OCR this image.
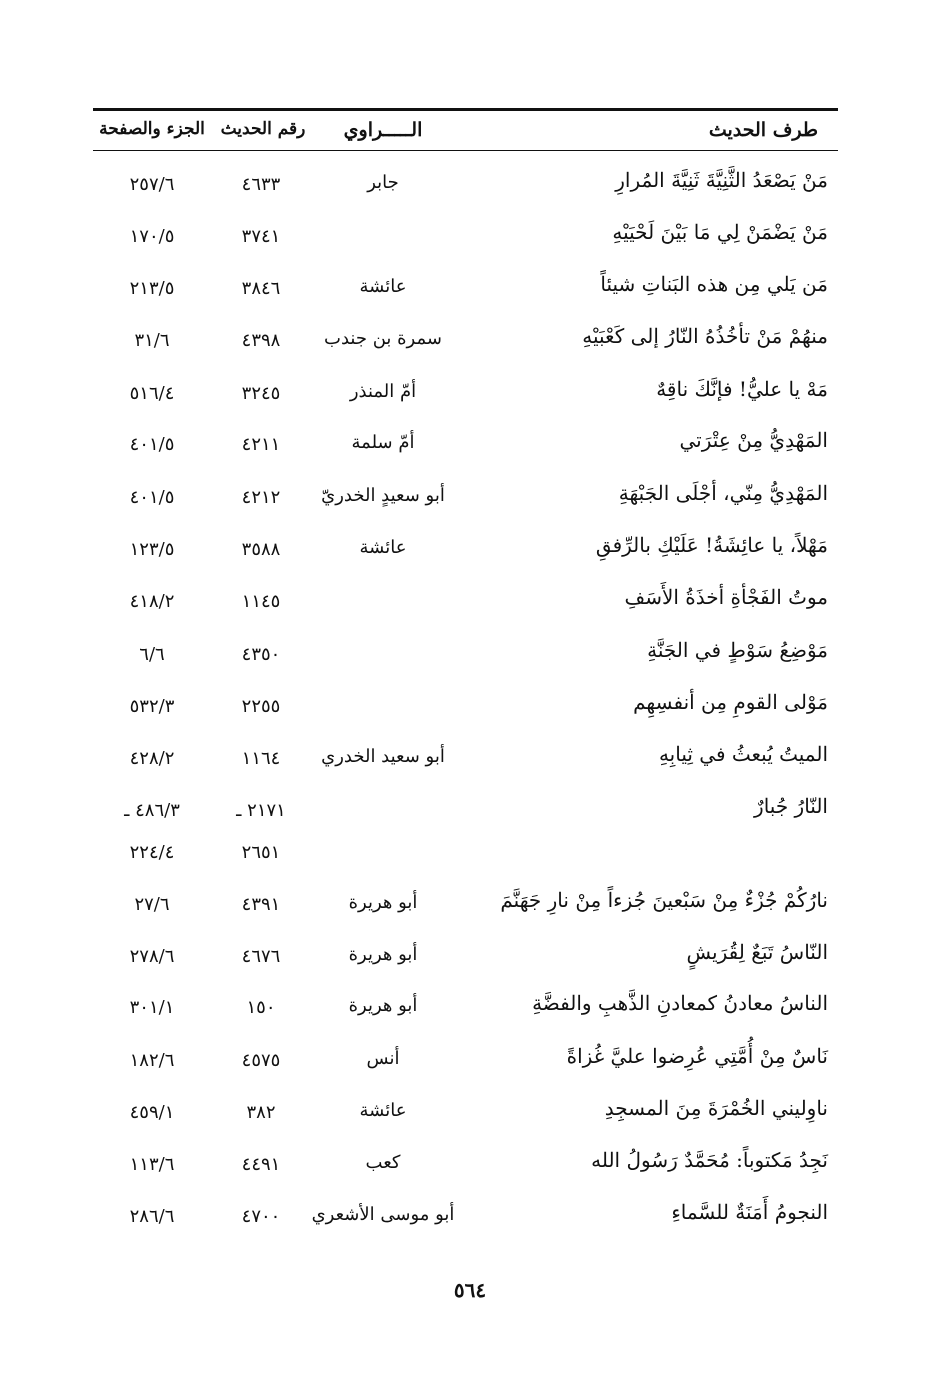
طرف الحديث
الـــــراوي
رقم الحديث
الجزء والصفحة
مَنْ يَصْعَدُ الثَّنِيَّةَ ثَنِيَّةَ المُرارِ
جابر
٤٦٣٣
٢٥٧/٦
مَنْ يَضْمَنْ لِي مَا بَيْنَ لَحْيَيْهِ
٣٧٤١
١٧٠/٥
مَن يَلي مِن هذه البَناتِ شيئاً
عائشة
٣٨٤٦
٢١٣/٥
منهُمْ مَنْ تأخُذُهُ النّارُ إلى كَعْبَيْهِ
سمرة بن جندب
٤٣٩٨
٣١/٦
مَهْ يا عليُّ! فإنَّكَ ناقِهٌ
أمّ المنذر
٣٢٤٥
٥١٦/٤
المَهْدِيُّ مِنْ عِتْرَتي
أمّ سلمة
٤٢١١
٤٠١/٥
المَهْدِيُّ مِنّي، أجْلَى الجَبْهَةِ
أبو سعيدٍ الخدريّ
٤٢١٢
٤٠١/٥
مَهْلاً، يا عائِشَةُ! عَلَيْكِ بالرِّفقِ
عائشة
٣٥٨٨
١٢٣/٥
موتُ الفَجْأةِ أخذَةُ الأَسَفِ
١١٤٥
٤١٨/٢
مَوْضِعُ سَوْطٍ في الجَنَّةِ
٤٣٥٠
٦/٦
مَوْلى القومِ مِن أنفسِهِم
٢٢٥٥
٥٣٢/٣
الميتُ يُبعثُ في ثِيابِهِ
أبو سعيد الخدري
١١٦٤
٤٢٨/٢
النّارُ جُبارٌ
٢١٧١ ـ
٤٨٦/٣ ـ
٢٦٥١
٢٢٤/٤
نارُكُمْ جُزْءٌ مِنْ سَبْعينَ جُزءاً مِنْ نارِ جَهَنَّمَ
أبو هريرة
٤٣٩١
٢٧/٦
النّاسُ تَبَعٌ لِقُرَيشٍ
أبو هريرة
٤٦٧٦
٢٧٨/٦
الناسُ معادنُ كمعادنِ الذَّهبِ والفضَّةِ
أبو هريرة
١٥٠
٣٠١/١
نَاسٌ مِنْ أُمَّتِي عُرِضوا عليَّ غُزاةً
أنس
٤٥٧٥
١٨٢/٦
ناوِليني الخُمْرَةَ مِنَ المسجِدِ
عائشة
٣٨٢
٤٥٩/١
نَجِدُ مَكتوباً: مُحَمَّدٌ رَسُولُ الله
كعب
٤٤٩١
١١٣/٦
النجومُ أَمَنَةٌ للسَّماءِ
أبو موسى الأشعري
٤٧٠٠
٢٨٦/٦
٥٦٤
